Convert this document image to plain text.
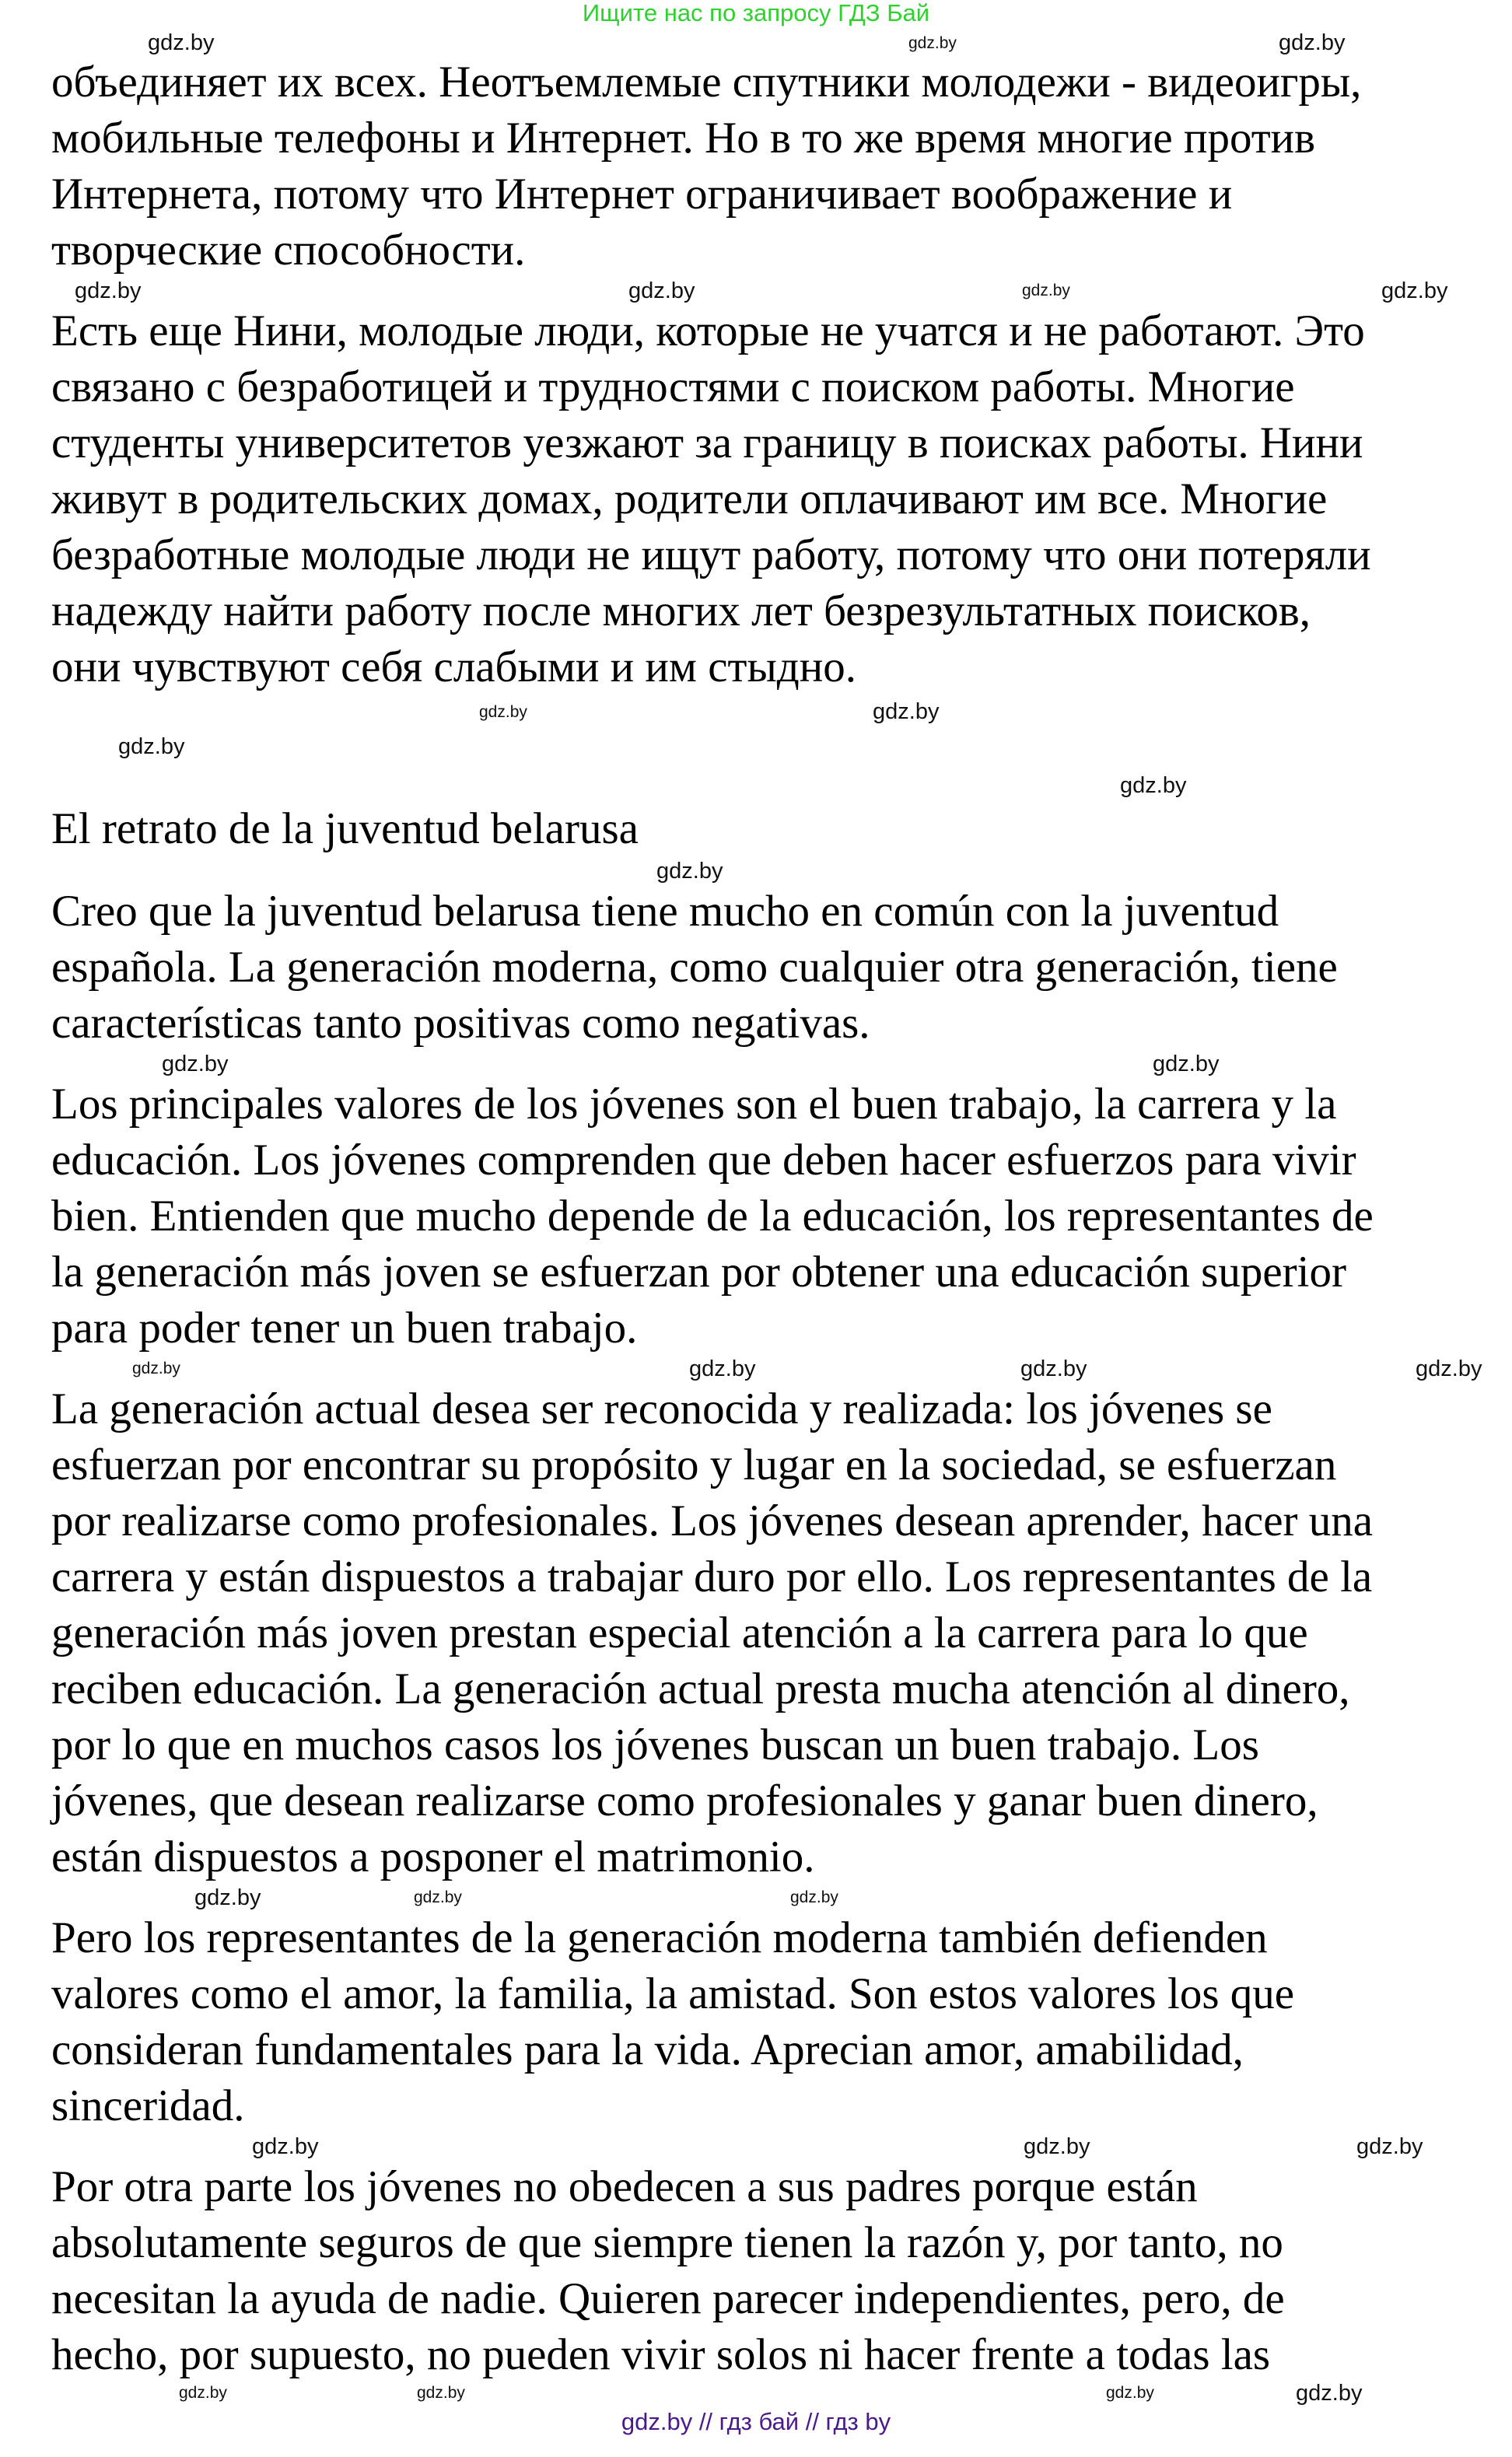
Ищите нас по запросу ГДЗ Бай
объединяет их всех. Неотъемлемые спутники молодежи - видеоигры,
мобильные телефоны и Интернет. Но в то же время многие против
Интернета, потому что Интернет ограничивает воображение и
творческие способности.
Есть еще Нини, молодые люди, которые не учатся и не работают. Это
связано с безработицей и трудностями с поиском работы. Многие
студенты университетов уезжают за границу в поисках работы. Нини
живут в родительских домах, родители оплачивают им все. Многие
безработные молодые люди не ищут работу, потому что они потеряли
надежду найти работу после многих лет безрезультатных поисков,
они чувствуют себя слабыми и им стыдно.
El retrato de la juventud belarusa
Creo que la juventud belarusa tiene mucho en común con la juventud
española. La generación moderna, como cualquier otra generación, tiene
características tanto positivas como negativas.
Los principales valores de los jóvenes son el buen trabajo, la carrera y la
educación. Los jóvenes comprenden que deben hacer esfuerzos para vivir
bien. Entienden que mucho depende de la educación, los representantes de
la generación más joven se esfuerzan por obtener una educación superior
para poder tener un buen trabajo.
La generación actual desea ser reconocida y realizada: los jóvenes se
esfuerzan por encontrar su propósito y lugar en la sociedad, se esfuerzan
por realizarse como profesionales. Los jóvenes desean aprender, hacer una
carrera y están dispuestos a trabajar duro por ello. Los representantes de la
generación más joven prestan especial atención a la carrera para lo que
reciben educación. La generación actual presta mucha atención al dinero,
por lo que en muchos casos los jóvenes buscan un buen trabajo. Los
jóvenes, que desean realizarse como profesionales y ganar buen dinero,
están dispuestos a posponer el matrimonio.
Pero los representantes de la generación moderna también defienden
valores como el amor, la familia, la amistad. Son estos valores los que
consideran fundamentales para la vida. Aprecian amor, amabilidad,
sinceridad.
Por otra parte los jóvenes no obedecen a sus padres porque están
absolutamente seguros de que siempre tienen la razón y, por tanto, no
necesitan la ayuda de nadie. Quieren parecer independientes, pero, de
hecho, por supuesto, no pueden vivir solos ni hacer frente a todas las
gdz.by	gdz.by	gdz.by
gdz.by	gdz.by
gdz.by	gdz.by
gdz.by	gdz.by
gdz.by
gdz.by
gdz.by
gdz.by
gdz.by
gdz.by
gdz.by
gdz.by	gdz.by
gdz.by
gdz.by
gdz.by
gdz.by
gdz.by
gdz.by
gdz.by
gdz.by
gdz.by	gdz.by
gdz.by // гдз бай // гдз by
